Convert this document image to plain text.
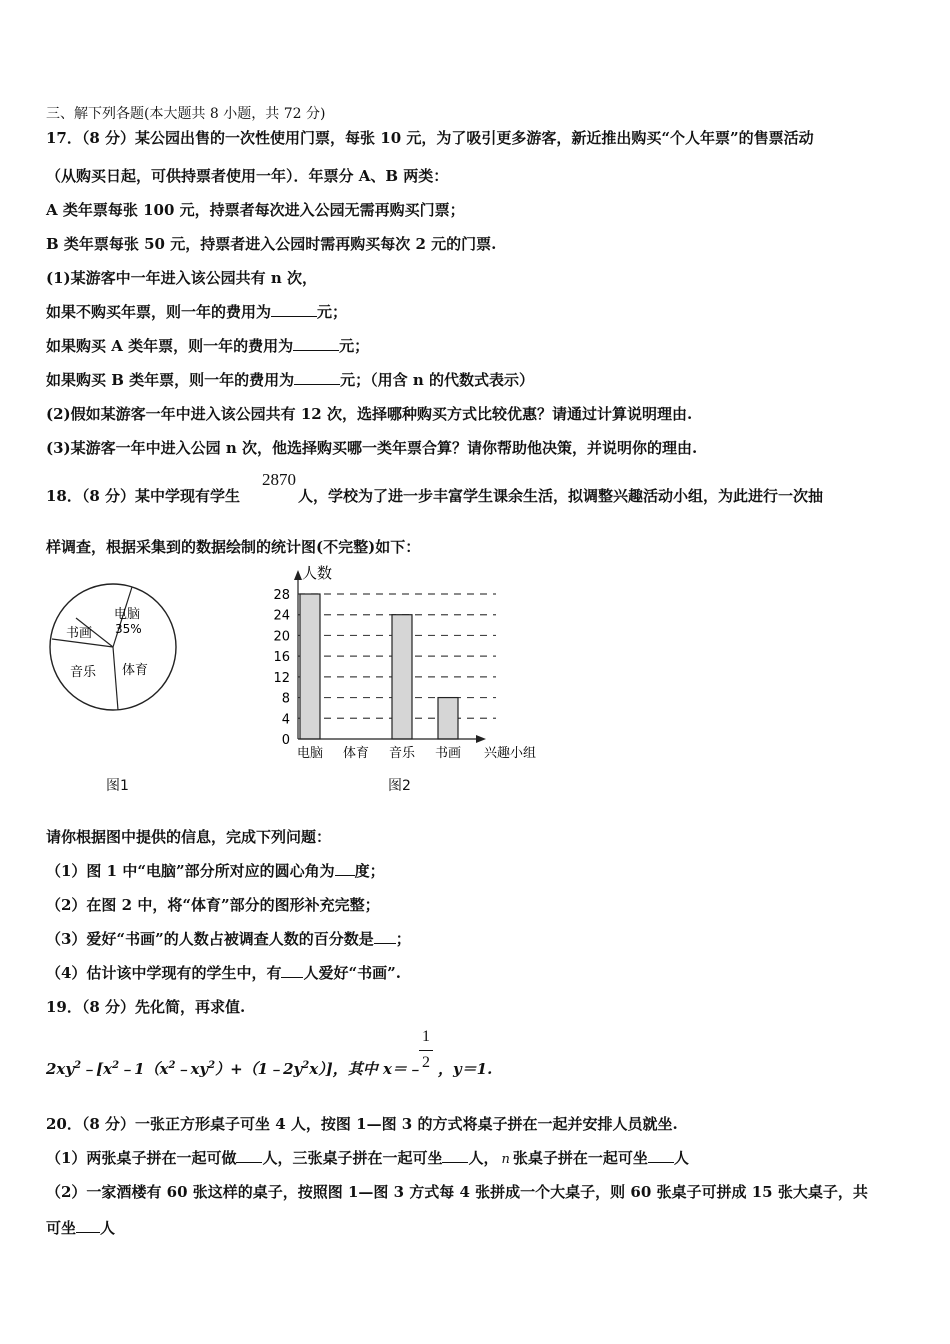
三、解下列各题(本大题共 8 小题，共 72 分)
17．（8 分）某公园出售的一次性使用门票，每张 10 元，为了吸引更多游客，新近推出购买“个人年票”的售票活动
（从购买日起，可供持票者使用一年）．年票分 A、B 两类：
A 类年票每张 100 元，持票者每次进入公园无需再购买门票；
B 类年票每张 50 元，持票者进入公园时需再购买每次 2 元的门票.
(1)某游客中一年进入该公园共有 n 次，
如果不购买年票，则一年的费用为	元；
如果购买 A 类年票，则一年的费用为	元；
如果购买 B 类年票，则一年的费用为	元；（用含 n 的代数式表示）
(2)假如某游客一年中进入该公园共有 12 次，选择哪种购买方式比较优惠？请通过计算说明理由.
(3)某游客一年中进入公园 n 次，他选择购买哪一类年票合算？请你帮助他决策，并说明你的理由.
18．（8 分）某中学现有学生	人，学校为了进一步丰富学生课余生活，拟调整兴趣活动小组，为此进行一次抽
2870
样调查，根据采集到的数据绘制的统计图(不完整)如下：
电脑
35%
书画
音乐 体育
图1
0
4
8
12
16
20
24
28
电脑 体育 音乐 书画
人数
兴趣小组
图2
请你根据图中提供的信息，完成下列问题：
（1）图 1 中“电脑”部分所对应的圆心角为 度；
（2）在图 2 中，将“体育”部分的图形补充完整；
（3）爱好“书画”的人数占被调查人数的百分数是 ；
（4）估计该中学现有的学生中，有 人爱好“书画”.
19．（8 分）先化简，再求值.
$2xy^2﹣[x^2﹣1(x^2﹣xy^2)+(1﹣2y^2x)]$，其中 x＝﹣ ，y＝1.
1
2
20．（8 分）一张正方形桌子可坐 4 人，按图 1—图 3 的方式将桌子拼在一起并安排人员就坐.
（1）两张桌子拼在一起可做 人，三张桌子拼在一起可坐 人， n 张桌子拼在一起可坐 人
（2）一家酒楼有 60 张这样的桌子，按照图 1—图 3 方式每 4 张拼成一个大桌子，则 60 张桌子可拼成 15 张大桌子，共
可坐 人
